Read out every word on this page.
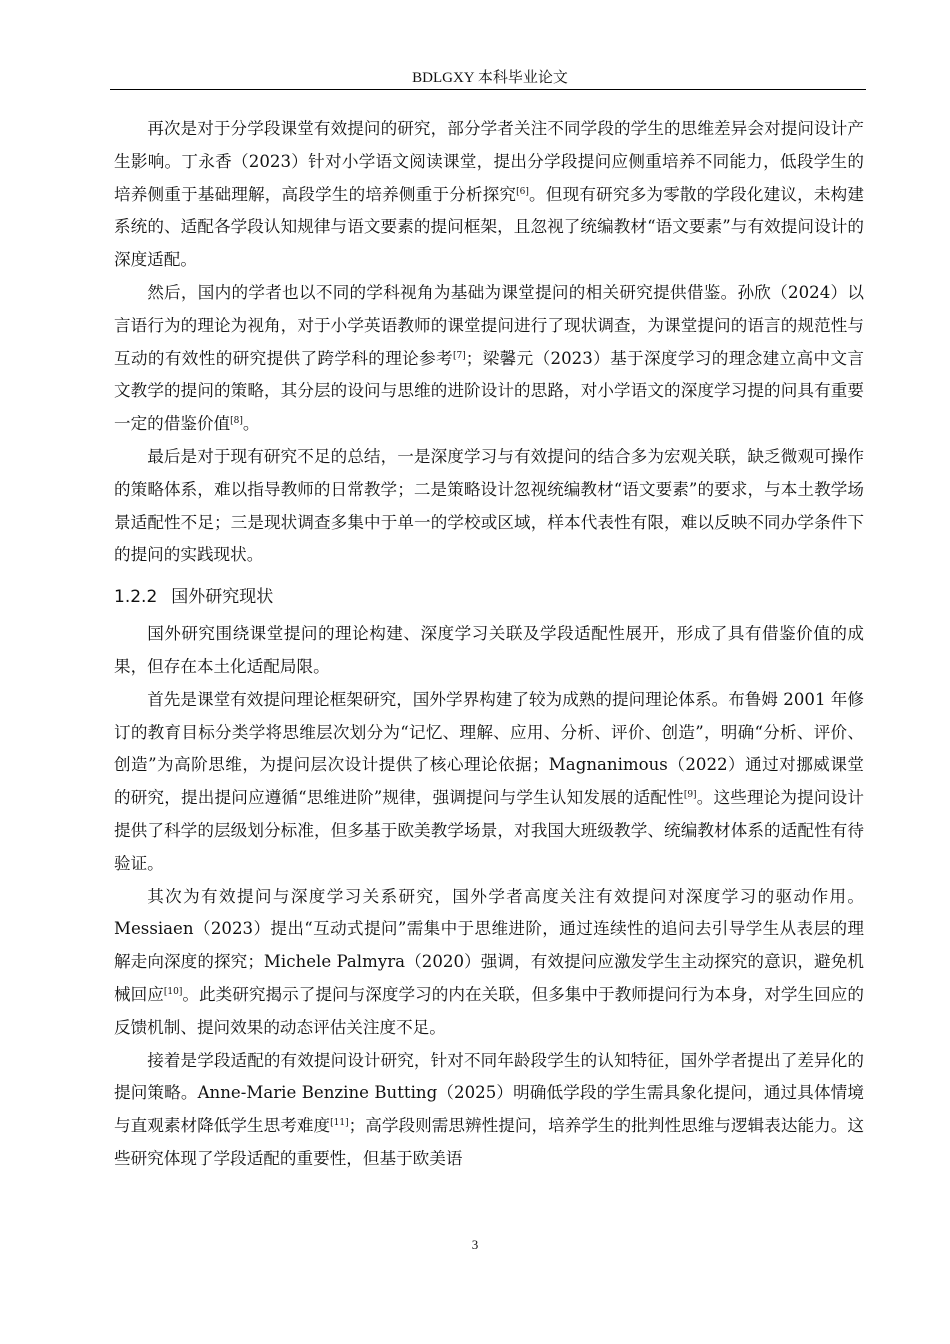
BDLGXY 本科毕业论文

再次是对于分学段课堂有效提问的研究，部分学者关注不同学段的学生的思维差异会对提问设计产生影响。丁永香（2023）针对小学语文阅读课堂，提出分学段提问应侧重培养不同能力，低段学生的培养侧重于基础理解，高段学生的培养侧重于分析探究[6]。但现有研究多为零散的学段化建议，未构建系统的、适配各学段认知规律与语文要素的提问框架，且忽视了统编教材“语文要素”与有效提问设计的深度适配。

然后，国内的学者也以不同的学科视角为基础为课堂提问的相关研究提供借鉴。孙欣（2024）以言语行为的理论为视角，对于小学英语教师的课堂提问进行了现状调查，为课堂提问的语言的规范性与互动的有效性的研究提供了跨学科的理论参考[7]；梁馨元（2023）基于深度学习的理念建立高中文言文教学的提问的策略，其分层的设问与思维的进阶设计的思路，对小学语文的深度学习提的问具有重要一定的借鉴价值[8]。

最后是对于现有研究不足的总结，一是深度学习与有效提问的结合多为宏观关联，缺乏微观可操作的策略体系，难以指导教师的日常教学；二是策略设计忽视统编教材“语文要素”的要求，与本土教学场景适配性不足；三是现状调查多集中于单一的学校或区域，样本代表性有限，难以反映不同办学条件下的提问的实践现状。

1.2.2 国外研究现状

国外研究围绕课堂提问的理论构建、深度学习关联及学段适配性展开，形成了具有借鉴价值的成果，但存在本土化适配局限。

首先是课堂有效提问理论框架研究，国外学界构建了较为成熟的提问理论体系。布鲁姆 2001 年修订的教育目标分类学将思维层次划分为“记忆、理解、应用、分析、评价、创造”，明确“分析、评价、创造”为高阶思维，为提问层次设计提供了核心理论依据；Magnanimous（2022）通过对挪威课堂的研究，提出提问应遵循“思维进阶”规律，强调提问与学生认知发展的适配性[9]。这些理论为提问设计提供了科学的层级划分标准，但多基于欧美教学场景，对我国大班级教学、统编教材体系的适配性有待验证。

其次为有效提问与深度学习关系研究，国外学者高度关注有效提问对深度学习的驱动作用。Messiaen（2023）提出“互动式提问”需集中于思维进阶，通过连续性的追问去引导学生从表层的理解走向深度的探究；Michele Palmyra（2020）强调，有效提问应激发学生主动探究的意识，避免机械回应[10]。此类研究揭示了提问与深度学习的内在关联，但多集中于教师提问行为本身，对学生回应的反馈机制、提问效果的动态评估关注度不足。

接着是学段适配的有效提问设计研究，针对不同年龄段学生的认知特征，国外学者提出了差异化的提问策略。Anne-Marie Benzine Butting（2025）明确低学段的学生需具象化提问，通过具体情境与直观素材降低学生思考难度[11]；高学段则需思辨性提问，培养学生的批判性思维与逻辑表达能力。这些研究体现了学段适配的重要性，但基于欧美语

3
